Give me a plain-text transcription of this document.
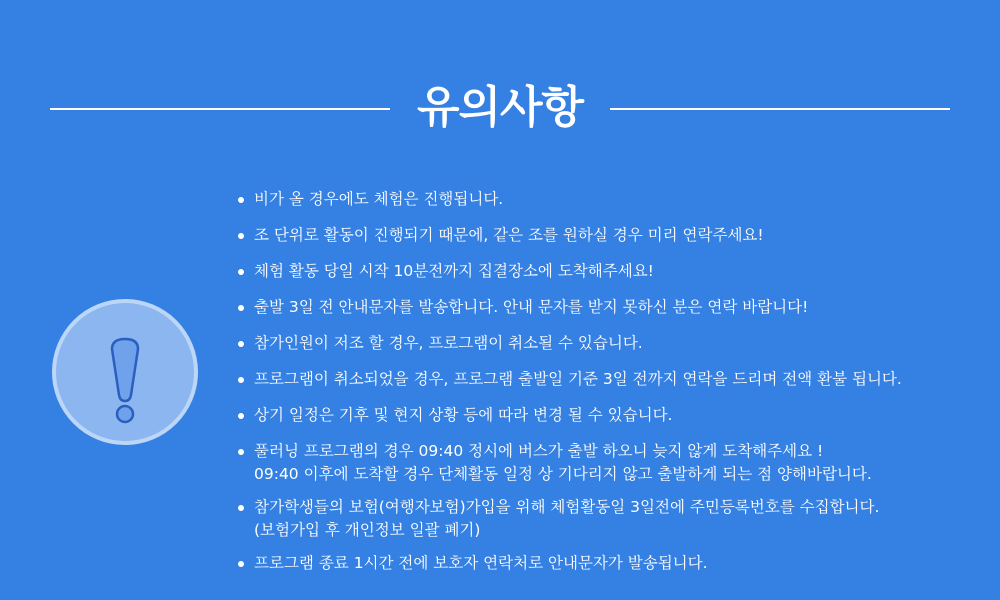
유의사항
비가 올 경우에도 체험은 진행됩니다.
조 단위로 활동이 진행되기 때문에, 같은 조를 원하실 경우 미리 연락주세요!
체험 활동 당일 시작 10분전까지 집결장소에 도착해주세요!
출발 3일 전 안내문자를 발송합니다. 안내 문자를 받지 못하신 분은 연락 바랍니다!
참가인원이 저조 할 경우, 프로그램이 취소될 수 있습니다.
프로그램이 취소되었을 경우, 프로그램 출발일 기준 3일 전까지 연락을 드리며 전액 환불 됩니다.
상기 일정은 기후 및 현지 상황 등에 따라 변경 될 수 있습니다.
풀러닝 프로그램의 경우 09:40 정시에 버스가 출발 하오니 늦지 않게 도착해주세요 !
09:40 이후에 도착할 경우 단체활동 일정 상 기다리지 않고 출발하게 되는 점 양해바랍니다.
참가학생들의 보험(여행자보험)가입을 위해 체험활동일 3일전에 주민등록번호를 수집합니다.
(보험가입 후 개인정보 일괄 폐기)
프로그램 종료 1시간 전에 보호자 연락처로 안내문자가 발송됩니다.
